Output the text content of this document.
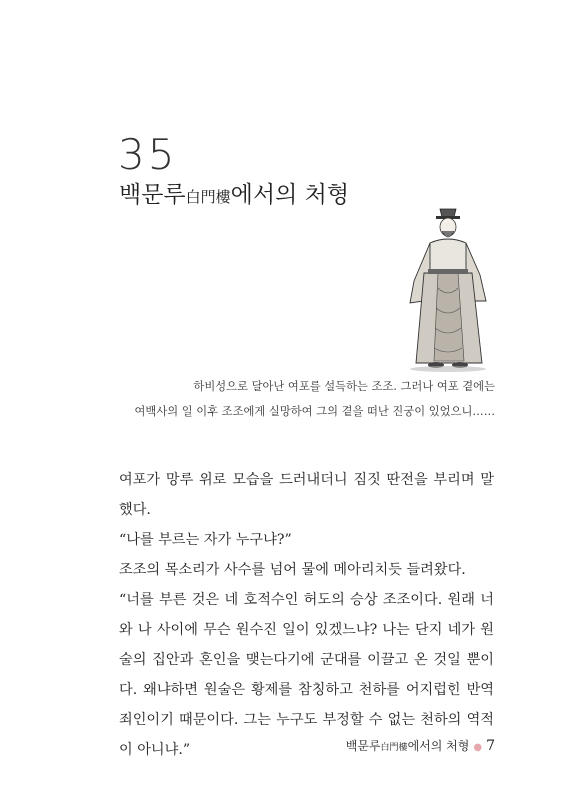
35
백문루白門樓에서의 처형
하비성으로 달아난 여포를 설득하는 조조. 그러나 여포 곁에는
여백사의 일 이후 조조에게 실망하여 그의 곁을 떠난 진궁이 있었으니……

여포가 망루 위로 모습을 드러내더니 짐짓 딴전을 부리며 말했다.

“나를 부르는 자가 누구냐?”

조조의 목소리가 사수를 넘어 물에 메아리치듯 들려왔다.

“너를 부른 것은 네 호적수인 허도의 승상 조조이다. 원래 너와 나 사이에 무슨 원수진 일이 있겠느냐? 나는 단지 네가 원술의 집안과 혼인을 맺는다기에 군대를 이끌고 온 것일 뿐이다. 왜냐하면 원술은 황제를 참칭하고 천하를 어지럽힌 반역 죄인이기 때문이다. 그는 누구도 부정할 수 없는 천하의 역적이 아니냐.”	백문루白門樓에서의 처형 ● 7
